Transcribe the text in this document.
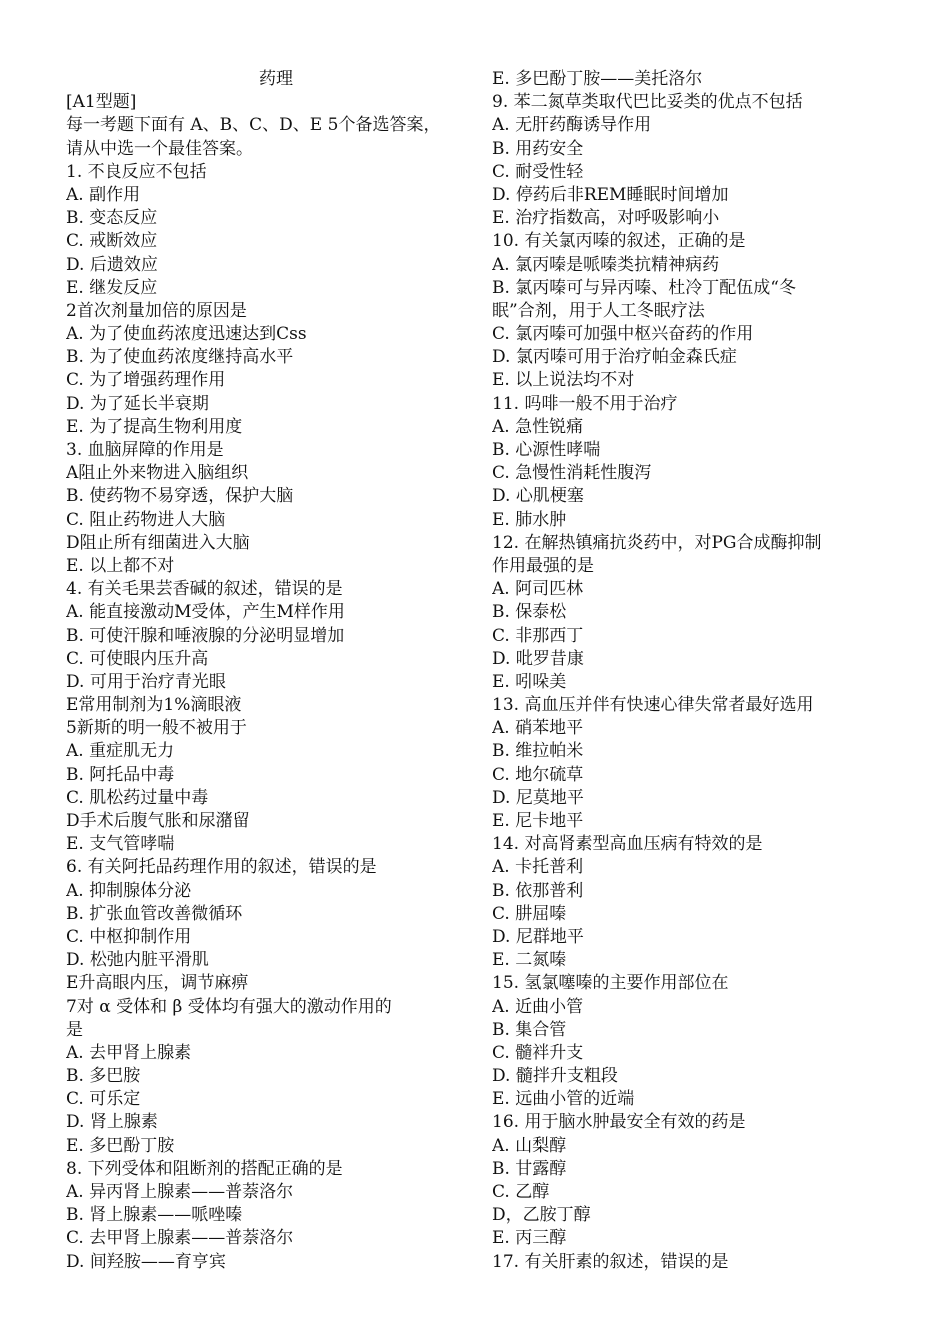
药理
[A1型题]
每一考题下面有 A、B、C、D、E 5个备选答案，
请从中选一个最佳答案。
1. 不良反应不包括
A. 副作用
B. 变态反应
C. 戒断效应
D. 后遗效应
E. 继发反应
2首次剂量加倍的原因是
A. 为了使血药浓度迅速达到Css
B. 为了使血药浓度继持高水平
C. 为了增强药理作用
D. 为了延长半衰期
E. 为了提高生物利用度
3. 血脑屏障的作用是
A阻止外来物进入脑组织
B. 使药物不易穿透，保护大脑
C. 阻止药物进人大脑
D阻止所有细菌进入大脑
E. 以上都不对
4. 有关毛果芸香碱的叙述，错误的是
A. 能直接激动M受体，产生M样作用
B. 可使汗腺和唾液腺的分泌明显增加
C. 可使眼内压升高
D. 可用于治疗青光眼
E常用制剂为1%滴眼液
5新斯的明一般不被用于
A. 重症肌无力
B. 阿托品中毒
C. 肌松药过量中毒
D手术后腹气胀和尿潴留
E. 支气管哮喘
6. 有关阿托品药理作用的叙述，错误的是
A. 抑制腺体分泌
B. 扩张血管改善微循环
C. 中枢抑制作用
D. 松弛内脏平滑肌
E升高眼内压，调节麻痹
7对 α 受体和 β 受体均有强大的激动作用的
是
A. 去甲肾上腺素
B. 多巴胺
C. 可乐定
D. 肾上腺素
E. 多巴酚丁胺
8. 下列受体和阻断剂的搭配正确的是
A. 异丙肾上腺素——普萘洛尔
B. 肾上腺素——哌唑嗪
C. 去甲肾上腺素——普萘洛尔
D. 间羟胺——育亨宾
E. 多巴酚丁胺——美托洛尔
9. 苯二氮草类取代巴比妥类的优点不包括
A. 无肝药酶诱导作用
B. 用药安全
C. 耐受性轻
D. 停药后非REM睡眠时间增加
E. 治疗指数高，对呼吸影响小
10. 有关氯丙嗪的叙述，正确的是
A. 氯丙嗪是哌嗪类抗精神病药
B. 氯丙嗪可与异丙嗪、杜冷丁配伍成“冬
眠”合剂，用于人工冬眠疗法
C. 氯丙嗪可加强中枢兴奋药的作用
D. 氯丙嗪可用于治疗帕金森氏症
E. 以上说法均不对
11. 吗啡一般不用于治疗
A. 急性锐痛
B. 心源性哮喘
C. 急慢性消耗性腹泻
D. 心肌梗塞
E. 肺水肿
12. 在解热镇痛抗炎药中，对PG合成酶抑制
作用最强的是
A. 阿司匹林
B. 保泰松
C. 非那西丁
D. 吡罗昔康
E. 吲哚美
13. 高血压并伴有快速心律失常者最好选用
A. 硝苯地平
B. 维拉帕米
C. 地尔硫草
D. 尼莫地平
E. 尼卡地平
14. 对高肾素型高血压病有特效的是
A. 卡托普利
B. 依那普利
C. 肼屈嗪
D. 尼群地平
E. 二氮嗪
15. 氢氯噻嗪的主要作用部位在
A. 近曲小管
B. 集合管
C. 髓袢升支
D. 髓拌升支粗段
E. 远曲小管的近端
16. 用于脑水肿最安全有效的药是
A. 山梨醇
B. 甘露醇
C. 乙醇
D，乙胺丁醇
E. 丙三醇
17. 有关肝素的叙述，错误的是
